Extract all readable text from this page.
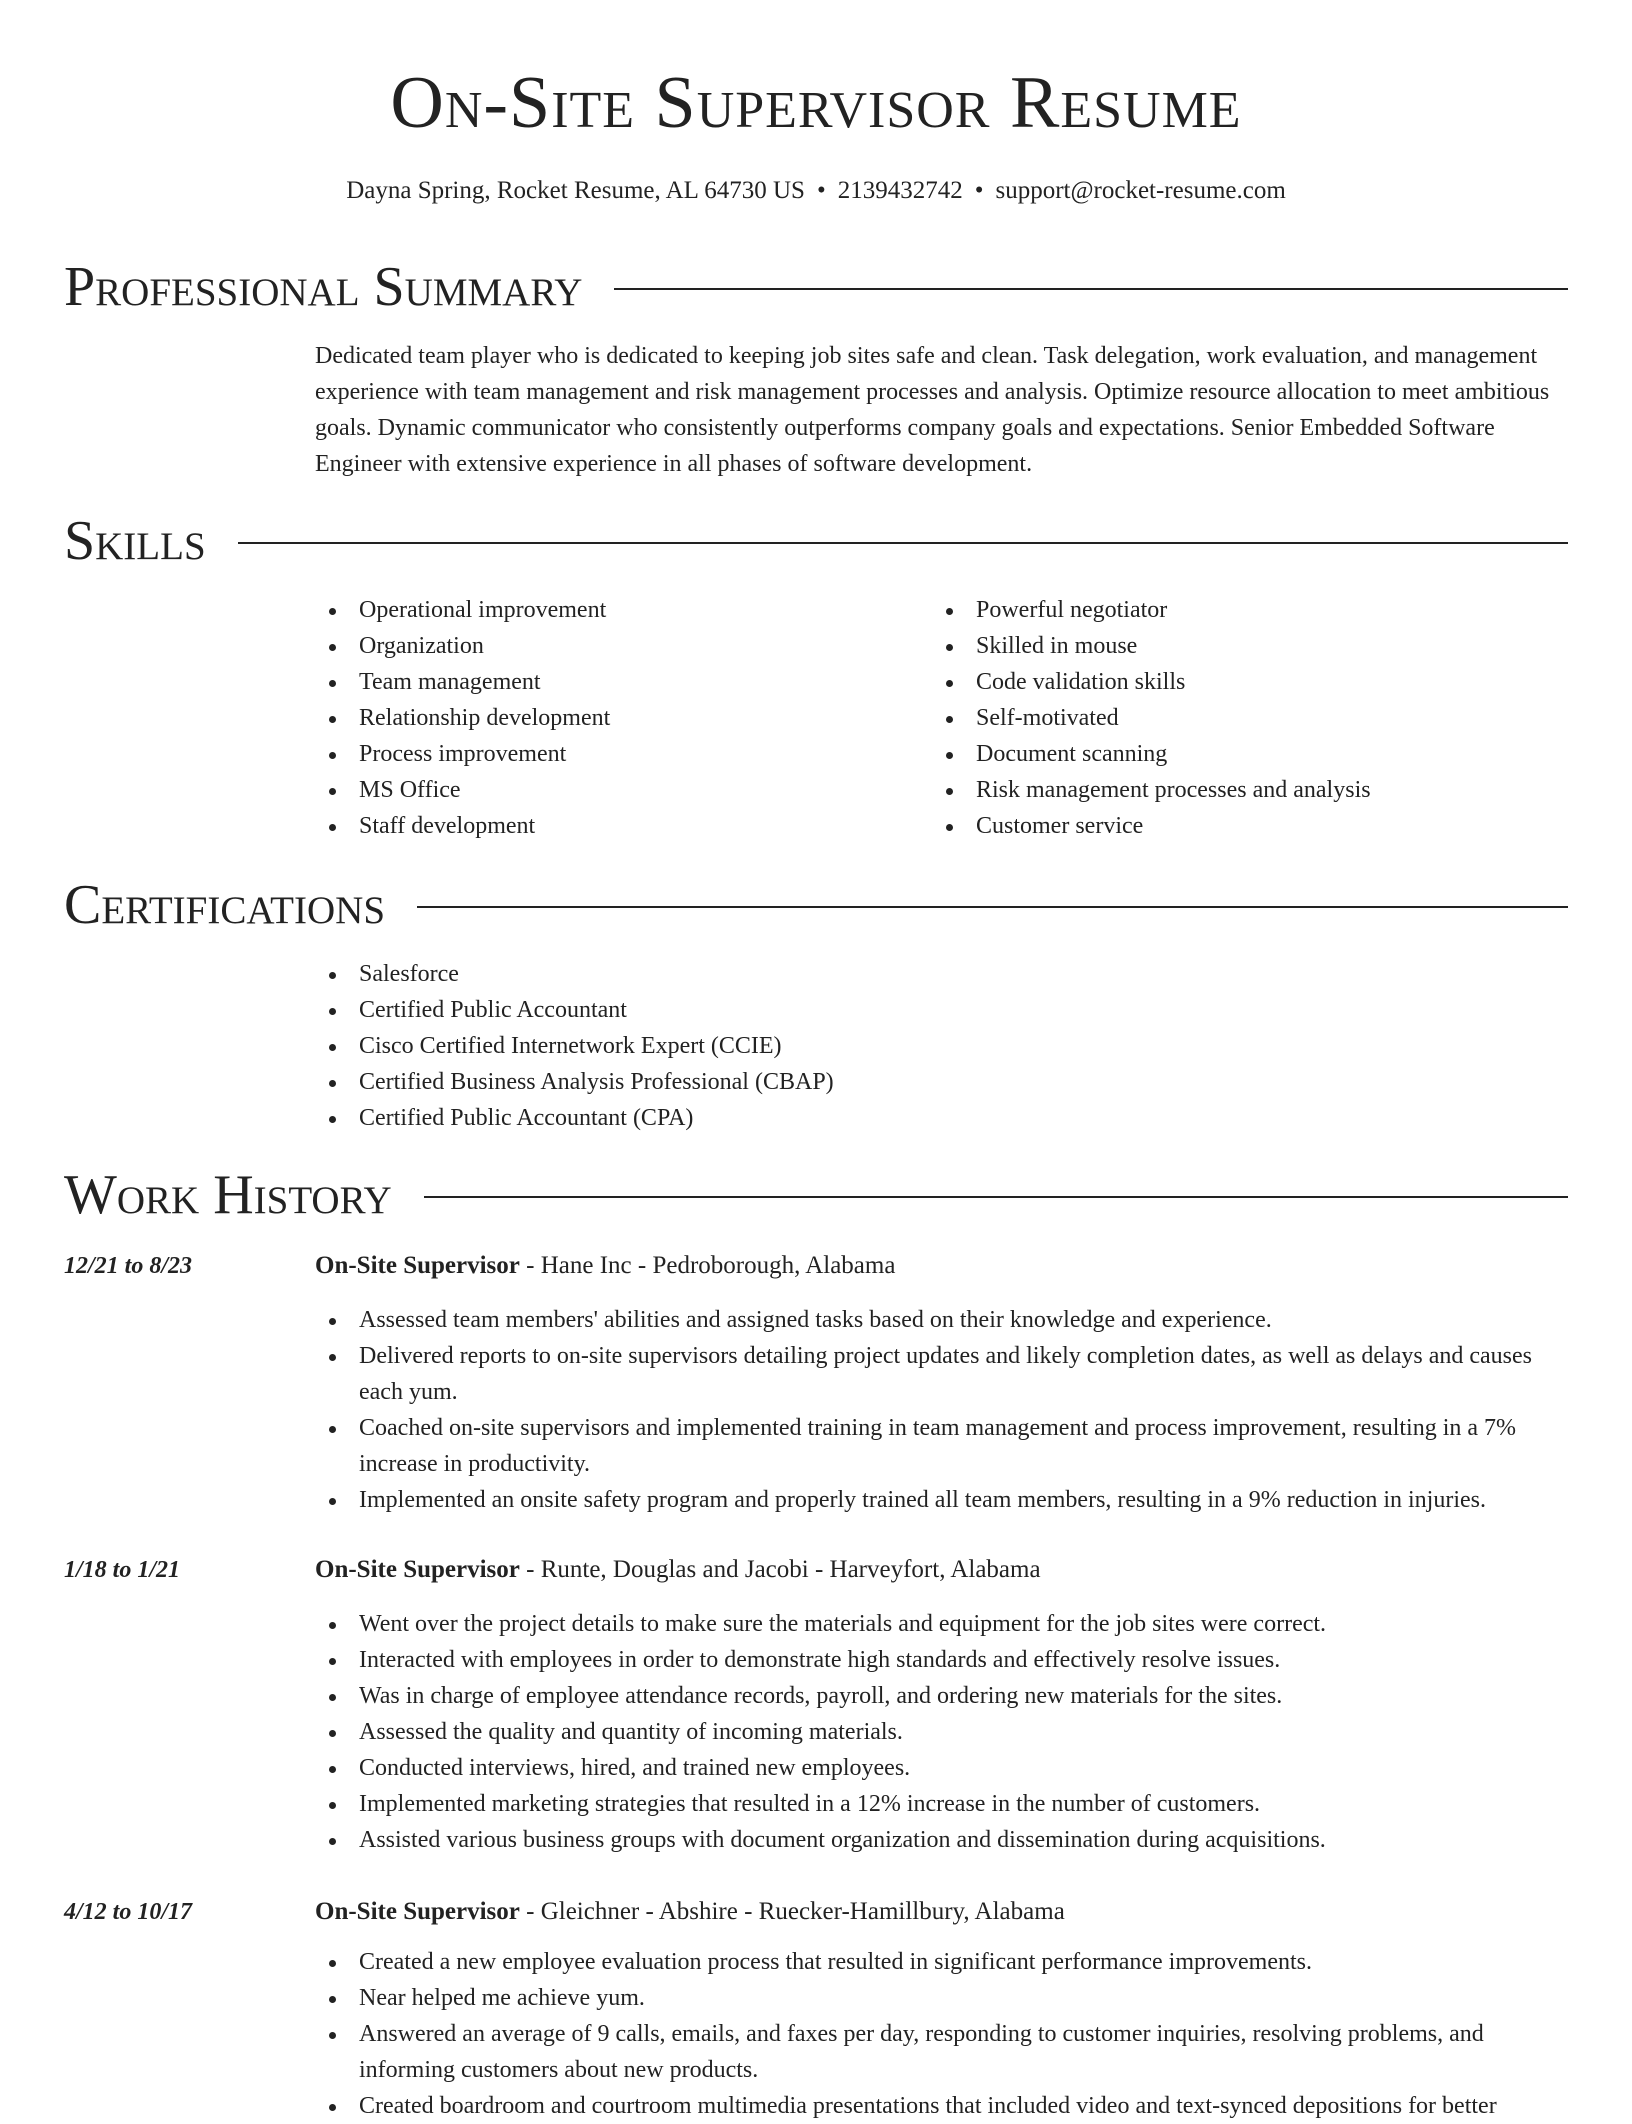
On-Site Supervisor Resume
Dayna Spring, Rocket Resume, AL 64730 US • 2139432742 • support@rocket-resume.com
Professional Summary

Dedicated team player who is dedicated to keeping job sites safe and clean. Task delegation, work evaluation, and management experience with team management and risk management processes and analysis. Optimize resource allocation to meet ambitious goals. Dynamic communicator who consistently outperforms company goals and expectations. Senior Embedded Software Engineer with extensive experience in all phases of software development.

Skills
Operational improvement
Organization
Team management
Relationship development
Process improvement
MS Office
Staff development
Powerful negotiator
Skilled in mouse
Code validation skills
Self-motivated
Document scanning
Risk management processes and analysis
Customer service
Certifications
Salesforce
Certified Public Accountant
Cisco Certified Internetwork Expert (CCIE)
Certified Business Analysis Professional (CBAP)
Certified Public Accountant (CPA)
Work History
12/21 to 8/23	On-Site Supervisor - Hane Inc - Pedroborough, Alabama
Assessed team members' abilities and assigned tasks based on their knowledge and experience.
Delivered reports to on-site supervisors detailing project updates and likely completion dates, as well as delays and causes each yum.
Coached on-site supervisors and implemented training in team management and process improvement, resulting in a 7% increase in productivity.
Implemented an onsite safety program and properly trained all team members, resulting in a 9% reduction in injuries.
1/18 to 1/21	On-Site Supervisor - Runte, Douglas and Jacobi - Harveyfort, Alabama
Went over the project details to make sure the materials and equipment for the job sites were correct.
Interacted with employees in order to demonstrate high standards and effectively resolve issues.
Was in charge of employee attendance records, payroll, and ordering new materials for the sites.
Assessed the quality and quantity of incoming materials.
Conducted interviews, hired, and trained new employees.
Implemented marketing strategies that resulted in a 12% increase in the number of customers.
Assisted various business groups with document organization and dissemination during acquisitions.
4/12 to 10/17	On-Site Supervisor - Gleichner - Abshire - Ruecker-Hamillbury, Alabama
Created a new employee evaluation process that resulted in significant performance improvements.
Near helped me achieve yum.
Answered an average of 9 calls, emails, and faxes per day, responding to customer inquiries, resolving problems, and informing customers about new products.
Created boardroom and courtroom multimedia presentations that included video and text-synced depositions for better
